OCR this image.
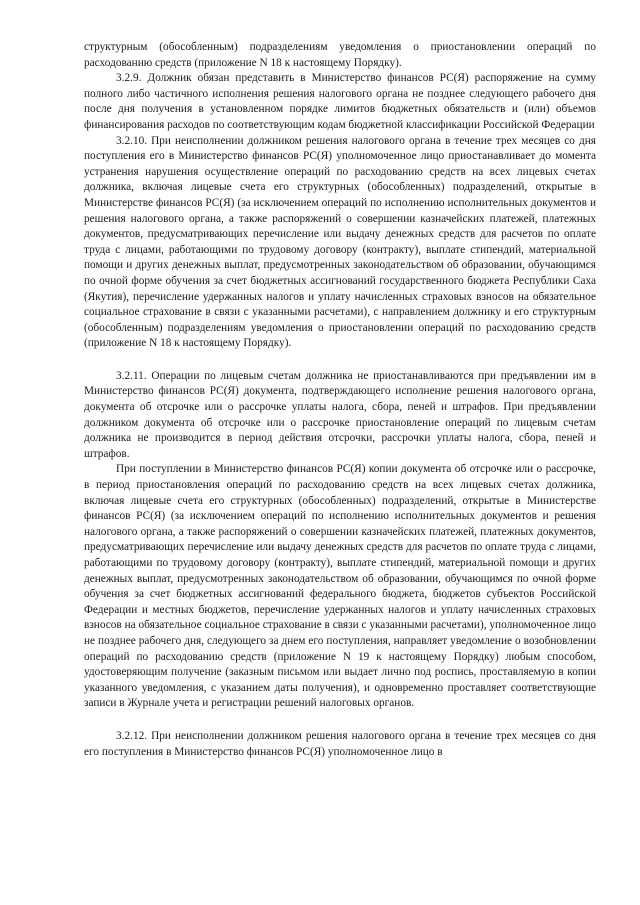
структурным (обособленным) подразделениям уведомления о приостановлении операций по расходованию средств (приложение N 18 к настоящему Порядку).

3.2.9. Должник обязан представить в Министерство финансов РС(Я) распоряжение на сумму полного либо частичного исполнения решения налогового органа не позднее следующего рабочего дня после дня получения в установленном порядке лимитов бюджетных обязательств и (или) объемов финансирования расходов по соответствующим кодам бюджетной классификации Российской Федерации

3.2.10. При неисполнении должником решения налогового органа в течение трех месяцев со дня поступления его в Министерство финансов РС(Я) уполномоченное лицо приостанавливает до момента устранения нарушения осуществление операций по расходованию средств на всех лицевых счетах должника, включая лицевые счета его структурных (обособленных) подразделений, открытые в Министерстве финансов РС(Я) (за исключением операций по исполнению исполнительных документов и решения налогового органа, а также распоряжений о совершении казначейских платежей, платежных документов, предусматривающих перечисление или выдачу денежных средств для расчетов по оплате труда с лицами, работающими по трудовому договору (контракту), выплате стипендий, материальной помощи и других денежных выплат, предусмотренных законодательством об образовании, обучающимся по очной форме обучения за счет бюджетных ассигнований государственного бюджета Республики Саха (Якутия), перечисление удержанных налогов и уплату начисленных страховых взносов на обязательное социальное страхование в связи с указанными расчетами), с направлением должнику и его структурным (обособленным) подразделениям уведомления о приостановлении операций по расходованию средств (приложение N 18 к настоящему Порядку).

3.2.11. Операции по лицевым счетам должника не приостанавливаются при предъявлении им в Министерство финансов РС(Я) документа, подтверждающего исполнение решения налогового органа, документа об отсрочке или о рассрочке уплаты налога, сбора, пеней и штрафов. При предъявлении должником документа об отсрочке или о рассрочке приостановление операций по лицевым счетам должника не производится в период действия отсрочки, рассрочки уплаты налога, сбора, пеней и штрафов.

При поступлении в Министерство финансов РС(Я) копии документа об отсрочке или о рассрочке, в период приостановления операций по расходованию средств на всех лицевых счетах должника, включая лицевые счета его структурных (обособленных) подразделений, открытые в Министерстве финансов РС(Я) (за исключением операций по исполнению исполнительных документов и решения налогового органа, а также распоряжений о совершении казначейских платежей, платежных документов, предусматривающих перечисление или выдачу денежных средств для расчетов по оплате труда с лицами, работающими по трудовому договору (контракту), выплате стипендий, материальной помощи и других денежных выплат, предусмотренных законодательством об образовании, обучающимся по очной форме обучения за счет бюджетных ассигнований федерального бюджета, бюджетов субъектов Российской Федерации и местных бюджетов, перечисление удержанных налогов и уплату начисленных страховых взносов на обязательное социальное страхование в связи с указанными расчетами), уполномоченное лицо не позднее рабочего дня, следующего за днем его поступления, направляет уведомление о возобновлении операций по расходованию средств (приложение N 19 к настоящему Порядку) любым способом, удостоверяющим получение (заказным письмом или выдает лично под роспись, проставляемую в копии указанного уведомления, с указанием даты получения), и одновременно проставляет соответствующие записи в Журнале учета и регистрации решений налоговых органов.

3.2.12. При неисполнении должником решения налогового органа в течение трех месяцев со дня его поступления в Министерство финансов РС(Я) уполномоченное лицо в
